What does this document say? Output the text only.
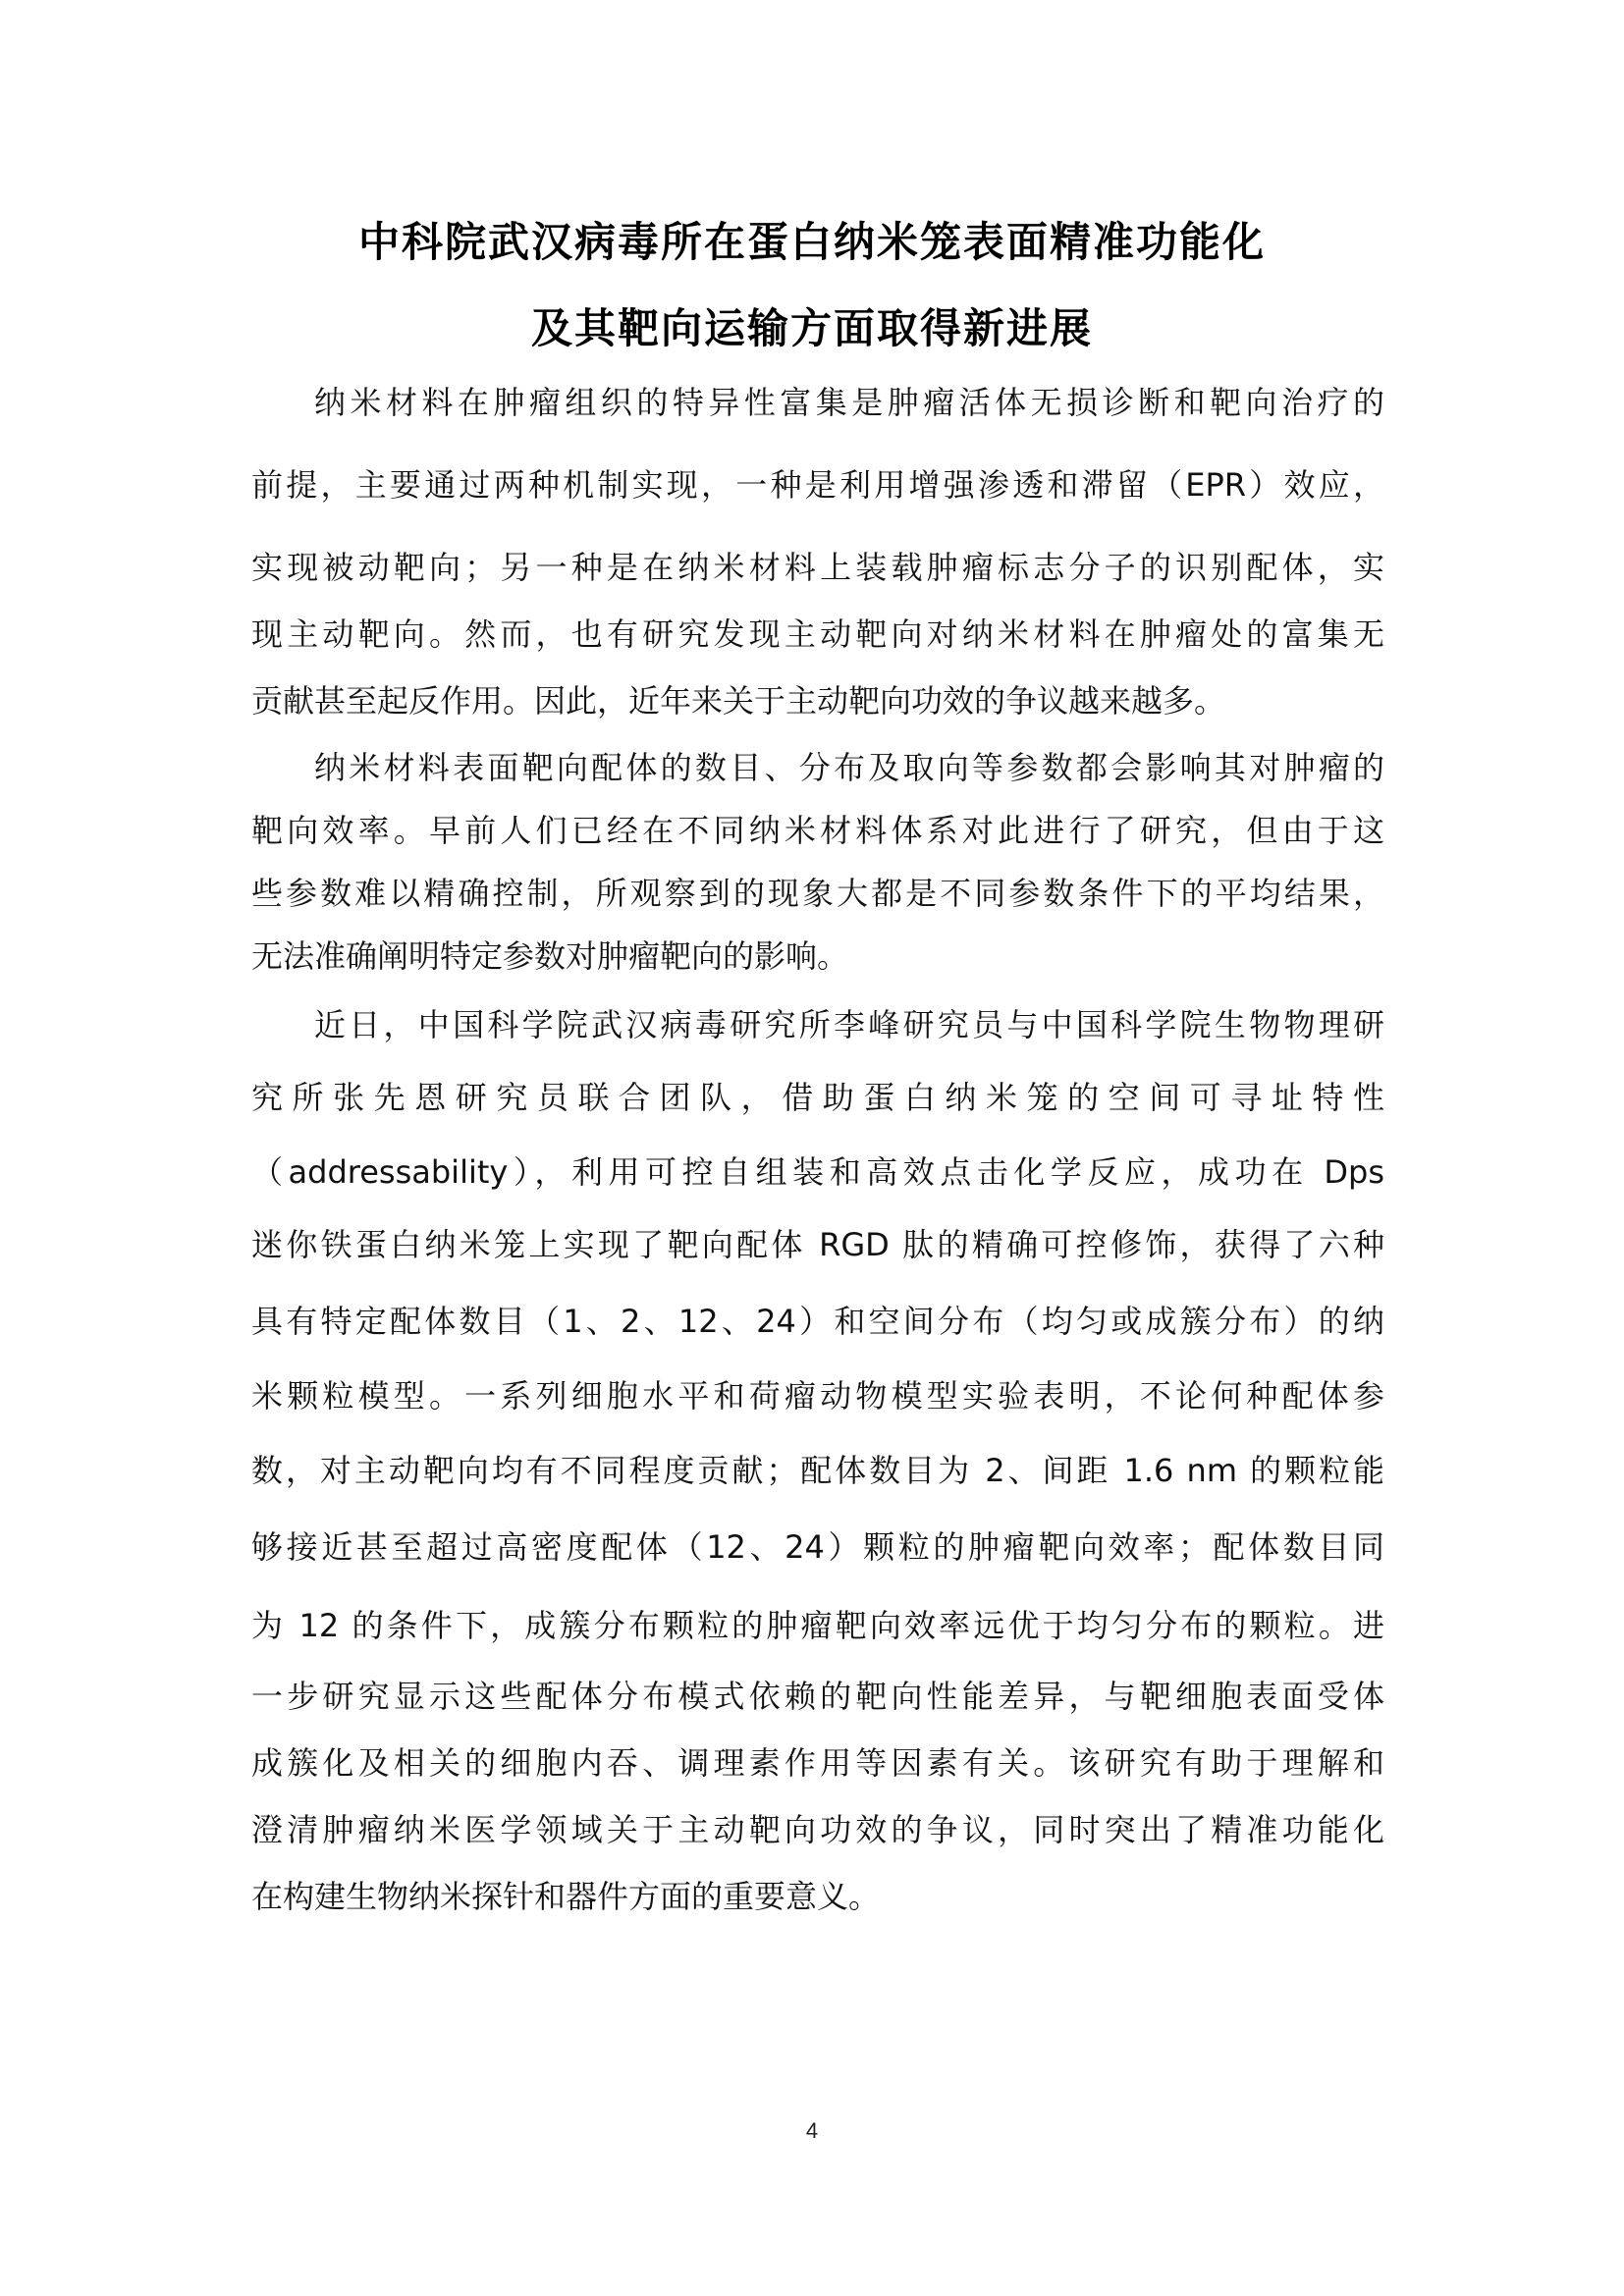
中科院武汉病毒所在蛋白纳米笼表面精准功能化
及其靶向运输方面取得新进展
纳米材料在肿瘤组织的特异性富集是肿瘤活体无损诊断和靶向治疗的
前提，主要通过两种机制实现，一种是利用增强渗透和滞留（EPR）效应，
实现被动靶向；另一种是在纳米材料上装载肿瘤标志分子的识别配体，实
现主动靶向。然而，也有研究发现主动靶向对纳米材料在肿瘤处的富集无
贡献甚至起反作用。因此，近年来关于主动靶向功效的争议越来越多。
纳米材料表面靶向配体的数目、分布及取向等参数都会影响其对肿瘤的
靶向效率。早前人们已经在不同纳米材料体系对此进行了研究，但由于这
些参数难以精确控制，所观察到的现象大都是不同参数条件下的平均结果，
无法准确阐明特定参数对肿瘤靶向的影响。
近日，中国科学院武汉病毒研究所李峰研究员与中国科学院生物物理研
究所张先恩研究员联合团队，借助蛋白纳米笼的空间可寻址特性
（addressability），利用可控自组装和高效点击化学反应，成功在 Dps
迷你铁蛋白纳米笼上实现了靶向配体 RGD 肽的精确可控修饰，获得了六种
具有特定配体数目（1、2、12、24）和空间分布（均匀或成簇分布）的纳
米颗粒模型。一系列细胞水平和荷瘤动物模型实验表明，不论何种配体参
数，对主动靶向均有不同程度贡献；配体数目为 2、间距 1.6 nm 的颗粒能
够接近甚至超过高密度配体（12、24）颗粒的肿瘤靶向效率；配体数目同
为 12 的条件下，成簇分布颗粒的肿瘤靶向效率远优于均匀分布的颗粒。进
一步研究显示这些配体分布模式依赖的靶向性能差异，与靶细胞表面受体
成簇化及相关的细胞内吞、调理素作用等因素有关。该研究有助于理解和
澄清肿瘤纳米医学领域关于主动靶向功效的争议，同时突出了精准功能化
在构建生物纳米探针和器件方面的重要意义。
4
